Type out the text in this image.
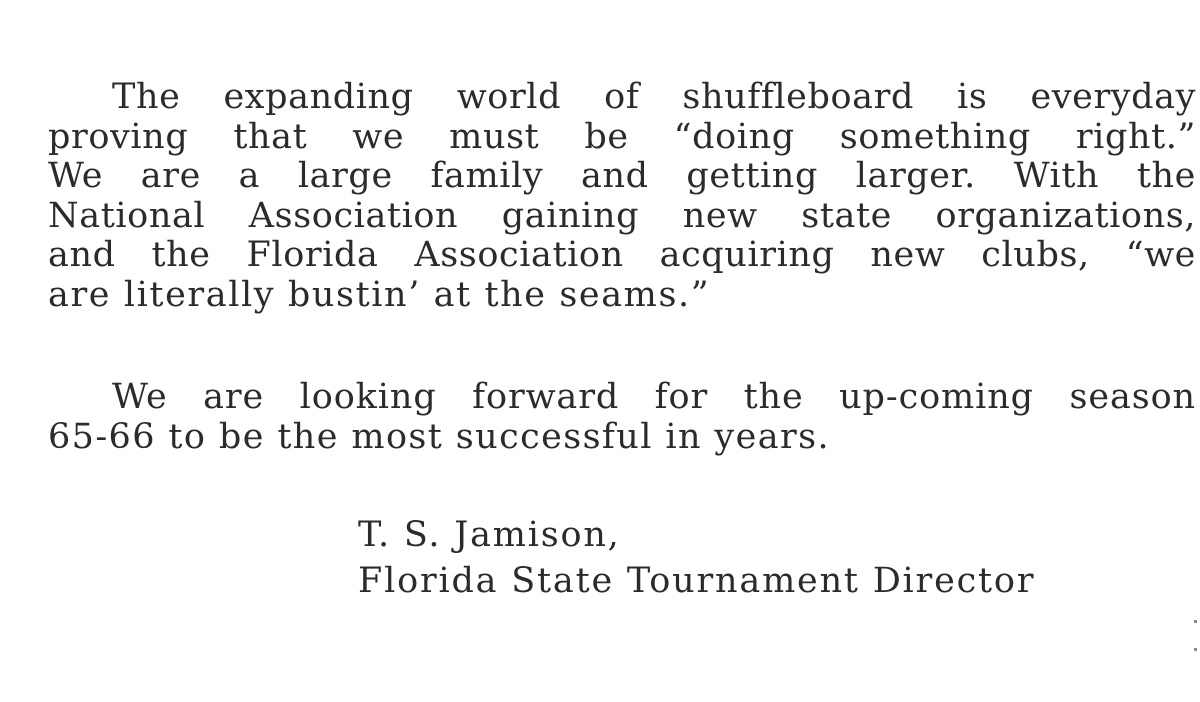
The expanding world of shuffleboard is everyday
proving that we must be “doing something right.”
We are a large family and getting larger. With the
National Association gaining new state organizations,
and the Florida Association acquiring new clubs, “we
are literally bustin’ at the seams.”

We are looking forward for the up-coming season
65-66 to be the most successful in years.

T. S. Jamison,
Florida State Tournament Director
